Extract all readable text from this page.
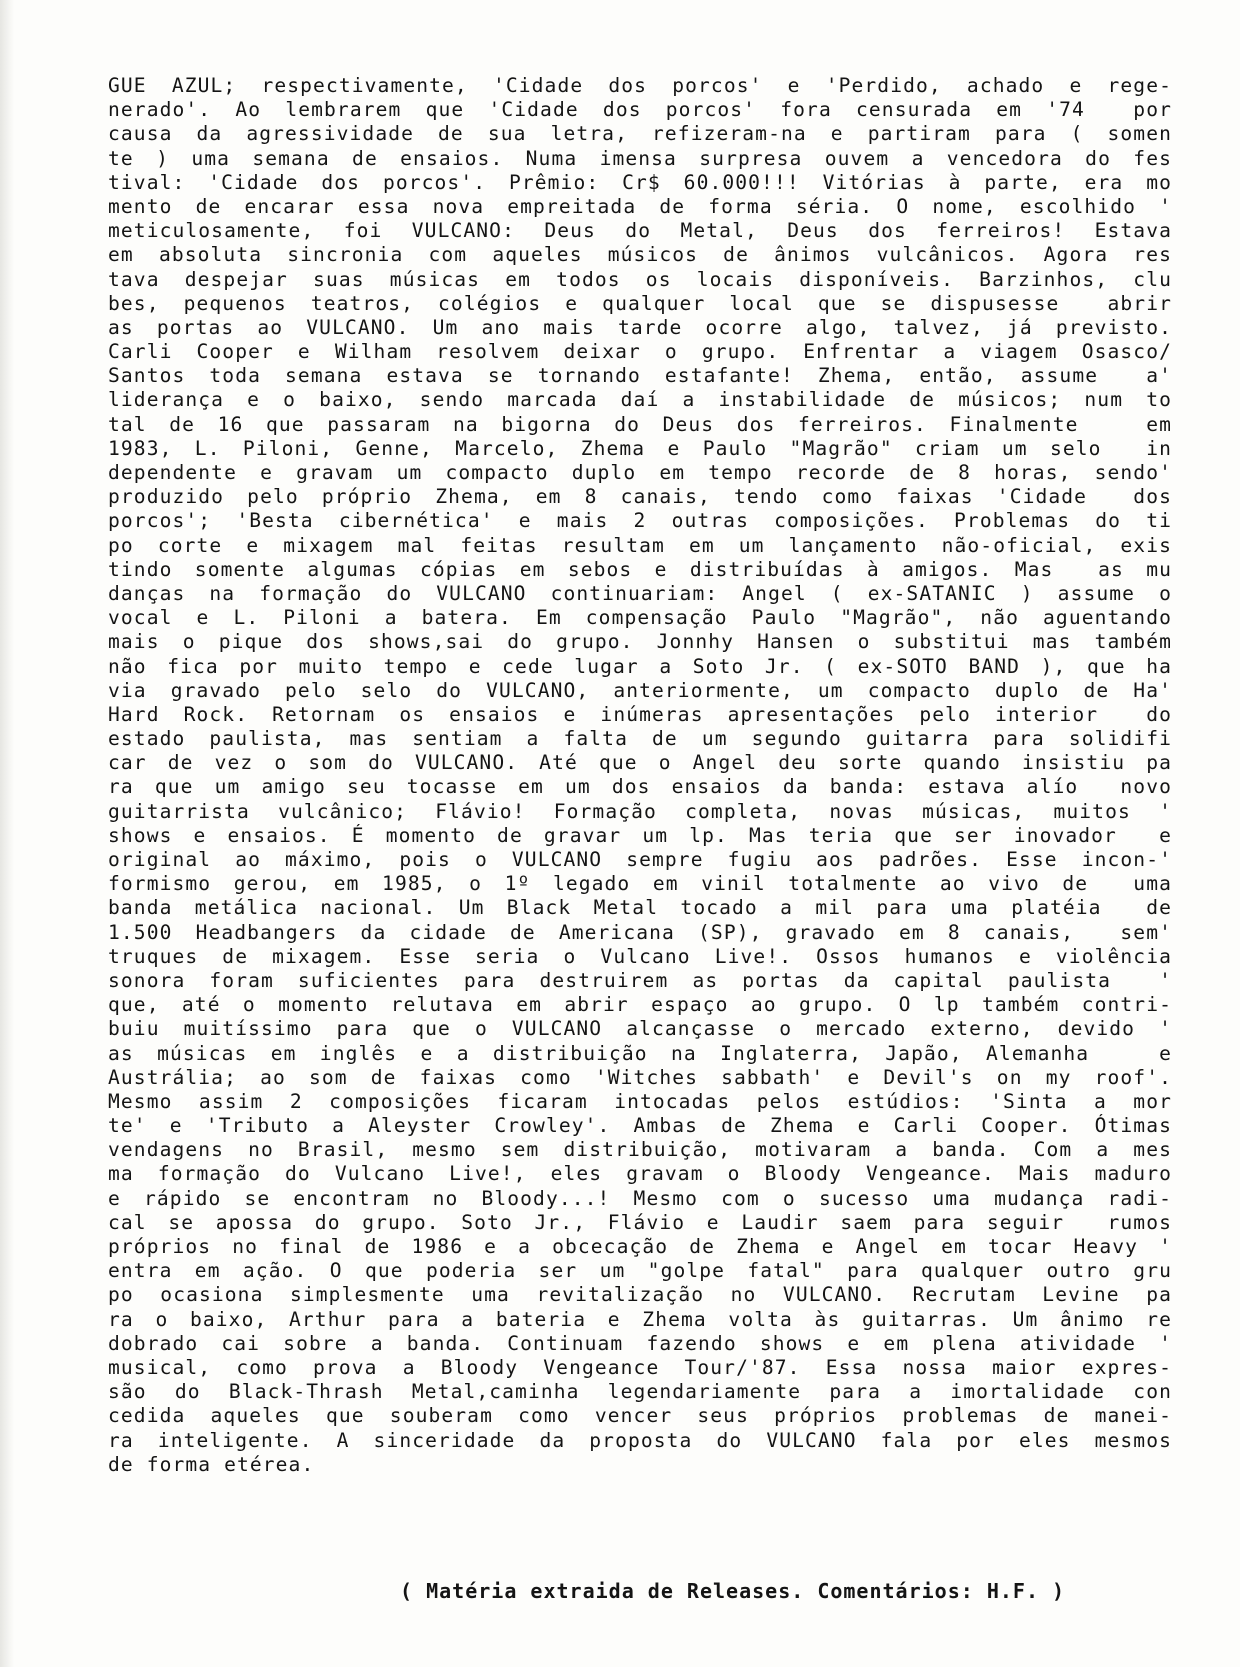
GUE AZUL; respectivamente, 'Cidade dos porcos' e 'Perdido, achado e rege-
nerado'. Ao lembrarem que 'Cidade dos porcos' fora censurada em '74  por
causa da agressividade de sua letra, refizeram-na e partiram para ( somen
te ) uma semana de ensaios. Numa imensa surpresa ouvem a vencedora do fes
tival: 'Cidade dos porcos'. Prêmio: Cr$ 60.000!!! Vitórias à parte, era mo
mento de encarar essa nova empreitada de forma séria. O nome, escolhido '
meticulosamente, foi VULCANO: Deus do Metal, Deus dos ferreiros! Estava
em absoluta sincronia com aqueles músicos de ânimos vulcânicos. Agora res
tava despejar suas músicas em todos os locais disponíveis. Barzinhos, clu
bes, pequenos teatros, colégios e qualquer local que se dispusesse  abrir
as portas ao VULCANO. Um ano mais tarde ocorre algo, talvez, já previsto.
Carli Cooper e Wilham resolvem deixar o grupo. Enfrentar a viagem Osasco/
Santos toda semana estava se tornando estafante! Zhema, então, assume  a'
liderança e o baixo, sendo marcada daí a instabilidade de músicos; num to
tal de 16 que passaram na bigorna do Deus dos ferreiros. Finalmente   em
1983, L. Piloni, Genne, Marcelo, Zhema e Paulo "Magrão" criam um selo  in
dependente e gravam um compacto duplo em tempo recorde de 8 horas, sendo'
produzido pelo próprio Zhema, em 8 canais, tendo como faixas 'Cidade  dos
porcos'; 'Besta cibernética' e mais 2 outras composições. Problemas do ti
po corte e mixagem mal feitas resultam em um lançamento não-oficial, exis
tindo somente algumas cópias em sebos e distribuídas à amigos. Mas  as mu
danças na formação do VULCANO continuariam: Angel ( ex-SATANIC ) assume o
vocal e L. Piloni a batera. Em compensação Paulo "Magrão", não aguentando
mais o pique dos shows,sai do grupo. Jonnhy Hansen o substitui mas também
não fica por muito tempo e cede lugar a Soto Jr. ( ex-SOTO BAND ), que ha
via gravado pelo selo do VULCANO, anteriormente, um compacto duplo de Ha'
Hard Rock. Retornam os ensaios e inúmeras apresentações pelo interior  do
estado paulista, mas sentiam a falta de um segundo guitarra para solidifi
car de vez o som do VULCANO. Até que o Angel deu sorte quando insistiu pa
ra que um amigo seu tocasse em um dos ensaios da banda: estava alío  novo
guitarrista vulcânico; Flávio! Formação completa, novas músicas, muitos '
shows e ensaios. É momento de gravar um lp. Mas teria que ser inovador  e
original ao máximo, pois o VULCANO sempre fugiu aos padrões. Esse incon-'
formismo gerou, em 1985, o 1º legado em vinil totalmente ao vivo de  uma
banda metálica nacional. Um Black Metal tocado a mil para uma platéia  de
1.500 Headbangers da cidade de Americana (SP), gravado em 8 canais,  sem'
truques de mixagem. Esse seria o Vulcano Live!. Ossos humanos e violência
sonora foram suficientes para destruirem as portas da capital paulista  '
que, até o momento relutava em abrir espaço ao grupo. O lp também contri-
buiu muitíssimo para que o VULCANO alcançasse o mercado externo, devido '
as músicas em inglês e a distribuição na Inglaterra, Japão, Alemanha   e
Austrália; ao som de faixas como 'Witches sabbath' e Devil's on my roof'.
Mesmo assim 2 composições ficaram intocadas pelos estúdios: 'Sinta a mor
te' e 'Tributo a Aleyster Crowley'. Ambas de Zhema e Carli Cooper. Ótimas
vendagens no Brasil, mesmo sem distribuição, motivaram a banda. Com a mes
ma formação do Vulcano Live!, eles gravam o Bloody Vengeance. Mais maduro
e rápido se encontram no Bloody...! Mesmo com o sucesso uma mudança radi-
cal se apossa do grupo. Soto Jr., Flávio e Laudir saem para seguir  rumos
próprios no final de 1986 e a obcecação de Zhema e Angel em tocar Heavy '
entra em ação. O que poderia ser um "golpe fatal" para qualquer outro gru
po ocasiona simplesmente uma revitalização no VULCANO. Recrutam Levine pa
ra o baixo, Arthur para a bateria e Zhema volta às guitarras. Um ânimo re
dobrado cai sobre a banda. Continuam fazendo shows e em plena atividade '
musical, como prova a Bloody Vengeance Tour/'87. Essa nossa maior expres-
são do Black-Thrash Metal,caminha legendariamente para a imortalidade con
cedida aqueles que souberam como vencer seus próprios problemas de manei-
ra inteligente. A sinceridade da proposta do VULCANO fala por eles mesmos
de forma etérea.
( Matéria extraida de Releases. Comentários: H.F. )
